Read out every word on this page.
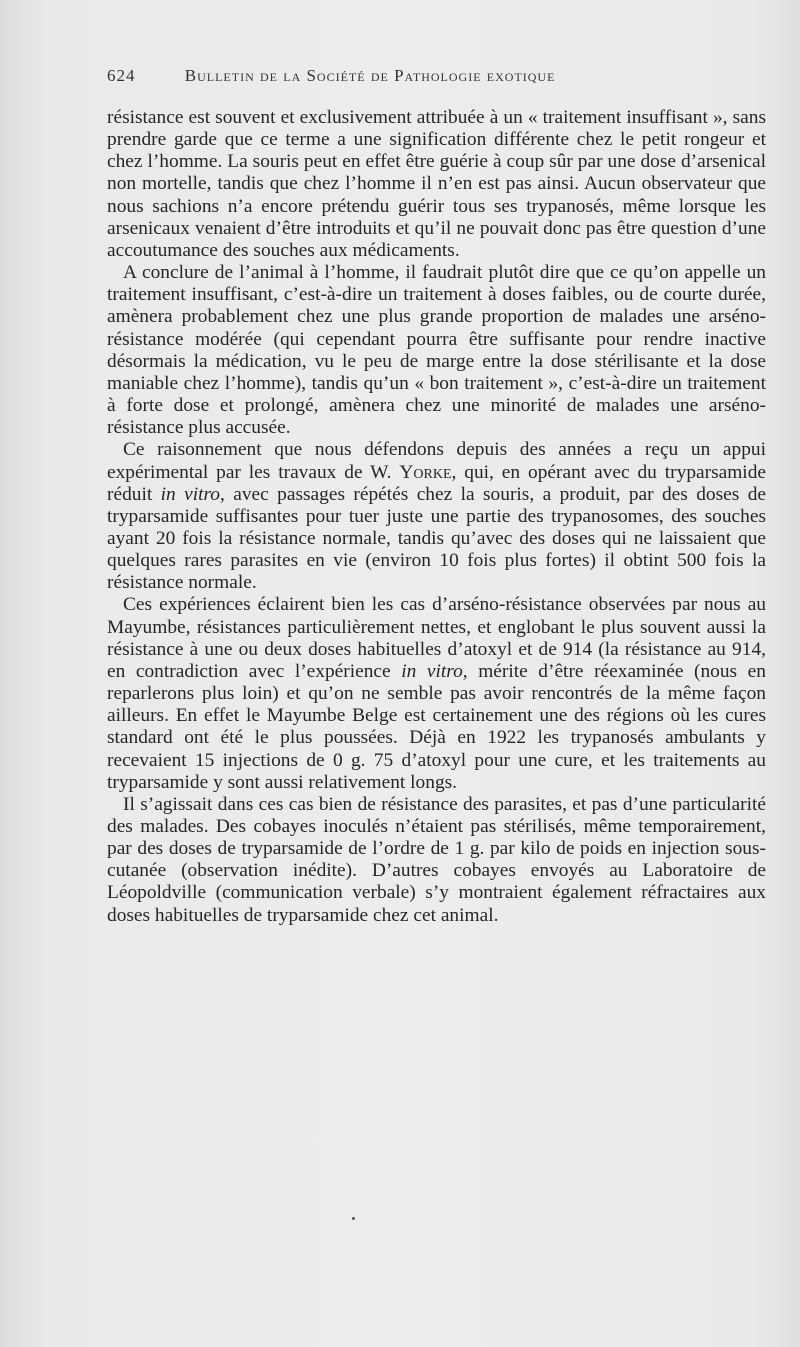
624	Bulletin de la Société de Pathologie exotique

résistance est souvent et exclusivement attribuée à un « traitement insuffisant », sans prendre garde que ce terme a une signification différente chez le petit rongeur et chez l’homme. La souris peut en effet être guérie à coup sûr par une dose d’arsenical non mortelle, tandis que chez l’homme il n’en est pas ainsi. Aucun observateur que nous sachions n’a encore prétendu guérir tous ses trypanosés, même lorsque les arsenicaux venaient d’être introduits et qu’il ne pouvait donc pas être question d’une accoutumance des souches aux médicaments.

A conclure de l’animal à l’homme, il faudrait plutôt dire que ce qu’on appelle un traitement insuffisant, c’est-à-dire un traitement à doses faibles, ou de courte durée, amènera probablement chez une plus grande proportion de malades une arséno-résistance modérée (qui cependant pourra être suffisante pour rendre inactive désormais la médication, vu le peu de marge entre la dose stérilisante et la dose maniable chez l’homme), tandis qu’un « bon traitement », c’est-à-dire un traitement à forte dose et prolongé, amènera chez une minorité de malades une arséno-résistance plus accusée.

Ce raisonnement que nous défendons depuis des années a reçu un appui expérimental par les travaux de W. Yorke, qui, en opérant avec du tryparsamide réduit in vitro, avec passages répétés chez la souris, a produit, par des doses de tryparsamide suffisantes pour tuer juste une partie des trypanosomes, des souches ayant 20 fois la résistance normale, tandis qu’avec des doses qui ne laissaient que quelques rares parasites en vie (environ 10 fois plus fortes) il obtint 500 fois la résistance normale.

Ces expériences éclairent bien les cas d’arséno-résistance observées par nous au Mayumbe, résistances particulièrement nettes, et englobant le plus souvent aussi la résistance à une ou deux doses habituelles d’atoxyl et de 914 (la résistance au 914, en contradiction avec l’expérience in vitro, mérite d’être réexaminée (nous en reparlerons plus loin) et qu’on ne semble pas avoir rencontrés de la même façon ailleurs. En effet le Mayumbe Belge est certainement une des régions où les cures standard ont été le plus poussées. Déjà en 1922 les trypanosés ambulants y recevaient 15 injections de 0 g. 75 d’atoxyl pour une cure, et les traitements au tryparsamide y sont aussi relativement longs.

Il s’agissait dans ces cas bien de résistance des parasites, et pas d’une particularité des malades. Des cobayes inoculés n’étaient pas stérilisés, même temporairement, par des doses de tryparsamide de l’ordre de 1 g. par kilo de poids en injection sous-cutanée (observation inédite). D’autres cobayes envoyés au Laboratoire de Léopoldville (communication verbale) s’y montraient également réfractaires aux doses habituelles de tryparsamide chez cet animal.
